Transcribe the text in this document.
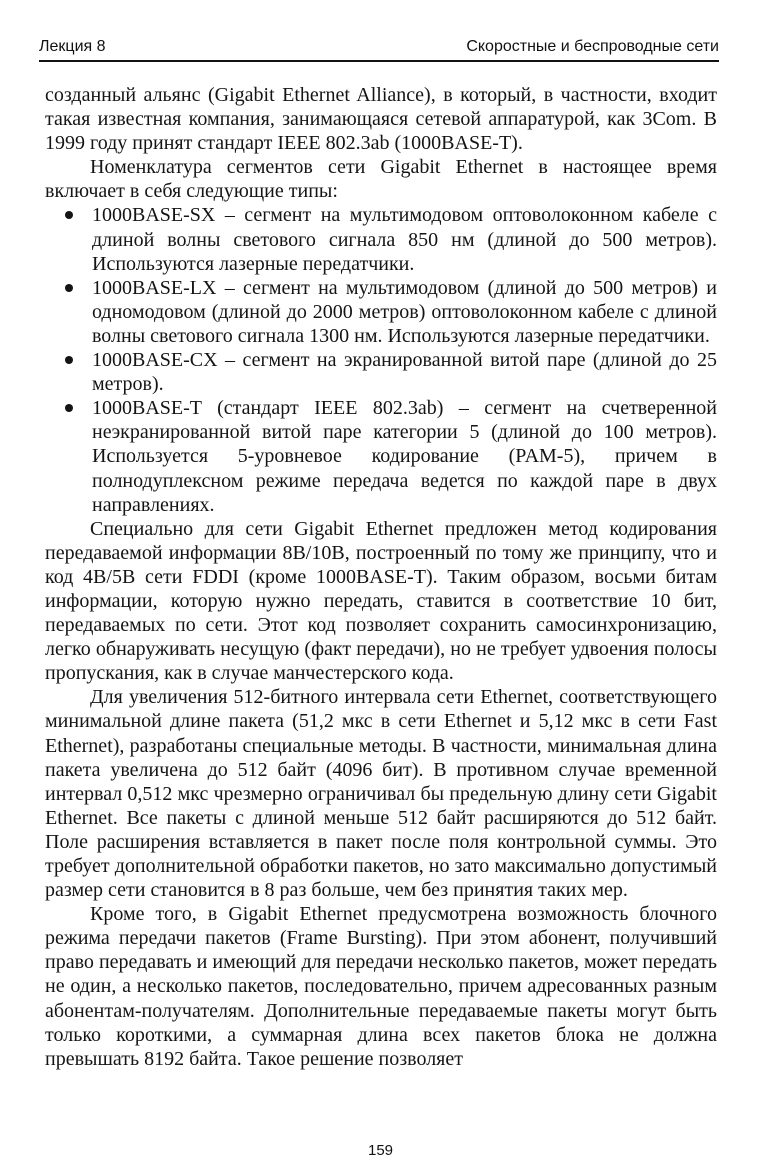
Лекция 8	Скоростные и беспроводные сети

созданный альянс (Gigabit Ethernet Alliance), в который, в частности, входит такая известная компания, занимающаяся сетевой аппаратурой, как 3Com. В 1999 году принят стандарт IEEE 802.3ab (1000BASE-T).

Номенклатура сегментов сети Gigabit Ethernet в настоящее время включает в себя следующие типы:

1000BASE-SX – сегмент на мультимодовом оптоволоконном кабеле с длиной волны светового сигнала 850 нм (длиной до 500 метров). Используются лазерные передатчики.
1000BASE-LX – сегмент на мультимодовом (длиной до 500 метров) и одномодовом (длиной до 2000 метров) оптоволоконном кабеле с длиной волны светового сигнала 1300 нм. Используются лазерные передатчики.
1000BASE-CX – сегмент на экранированной витой паре (длиной до 25 метров).
1000BASE-T (стандарт IEEE 802.3ab) – сегмент на счетверенной неэкранированной витой паре категории 5 (длиной до 100 метров). Используется 5-уровневое кодирование (PAM-5), причем в полнодуплексном режиме передача ведется по каждой паре в двух направлениях.

Специально для сети Gigabit Ethernet предложен метод кодирования передаваемой информации 8B/10B, построенный по тому же принципу, что и код 4B/5B сети FDDI (кроме 1000BASE-T). Таким образом, восьми битам информации, которую нужно передать, ставится в соответствие 10 бит, передаваемых по сети. Этот код позволяет сохранить самосинхронизацию, легко обнаруживать несущую (факт передачи), но не требует удвоения полосы пропускания, как в случае манчестерского кода.

Для увеличения 512-битного интервала сети Ethernet, соответствующего минимальной длине пакета (51,2 мкс в сети Ethernet и 5,12 мкс в сети Fast Ethernet), разработаны специальные методы. В частности, минимальная длина пакета увеличена до 512 байт (4096 бит). В противном случае временной интервал 0,512 мкс чрезмерно ограничивал бы предельную длину сети Gigabit Ethernet. Все пакеты с длиной меньше 512 байт расширяются до 512 байт. Поле расширения вставляется в пакет после поля контрольной суммы. Это требует дополнительной обработки пакетов, но зато максимально допустимый размер сети становится в 8 раз больше, чем без принятия таких мер.

Кроме того, в Gigabit Ethernet предусмотрена возможность блочного режима передачи пакетов (Frame Bursting). При этом абонент, получивший право передавать и имеющий для передачи несколько пакетов, может передать не один, а несколько пакетов, последовательно, причем адресованных разным абонентам-получателям. Дополнительные передаваемые пакеты могут быть только короткими, а суммарная длина всех пакетов блока не должна превышать 8192 байта. Такое решение позволяет

159
